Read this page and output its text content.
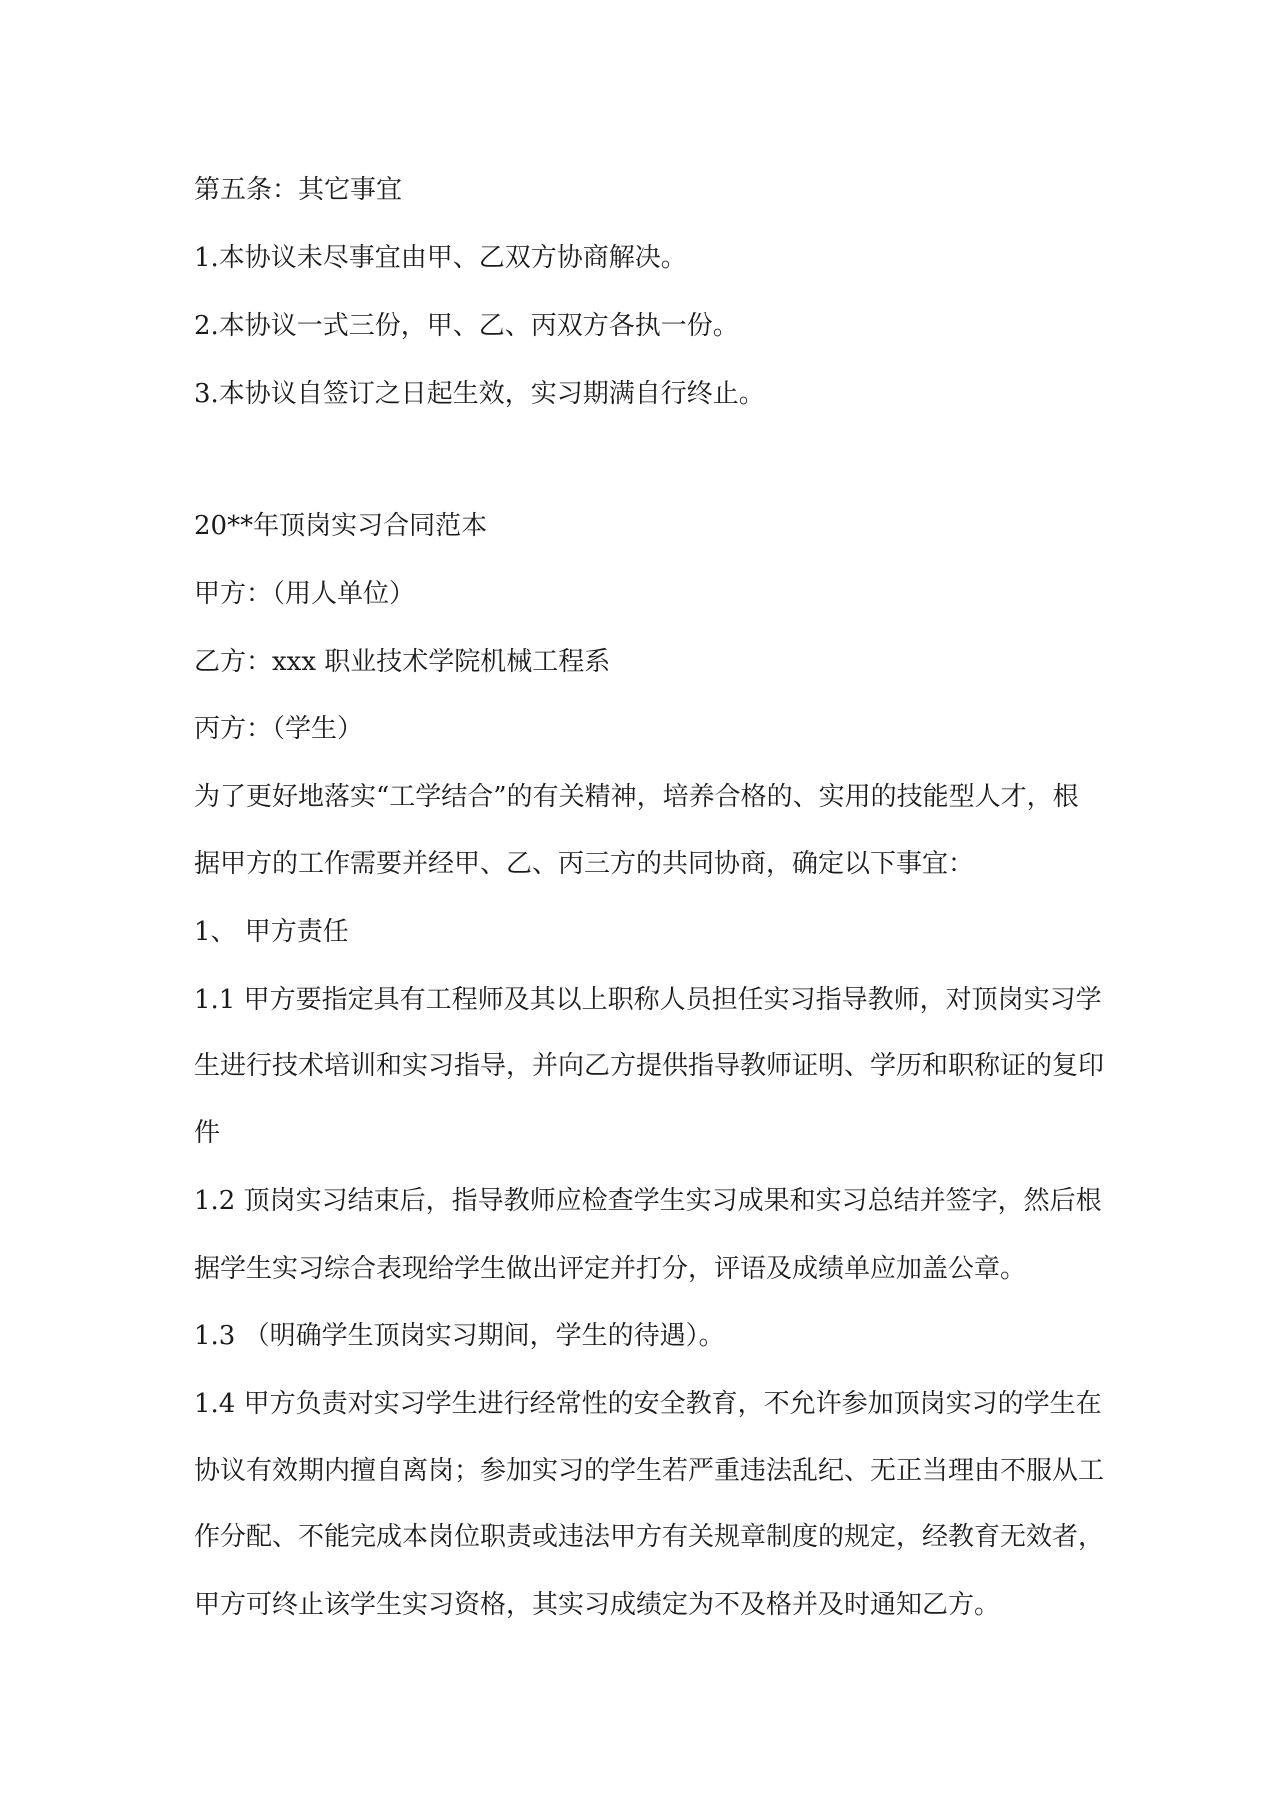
第五条：其它事宜
1.本协议未尽事宜由甲、乙双方协商解决。
2.本协议一式三份，甲、乙、丙双方各执一份。
3.本协议自签订之日起生效，实习期满自行终止。
20**年顶岗实习合同范本
甲方：（用人单位）
乙方：xxx 职业技术学院机械工程系
丙方：（学生）
为了更好地落实“工学结合”的有关精神，培养合格的、实用的技能型人才，根
据甲方的工作需要并经甲、乙、丙三方的共同协商，确定以下事宜：
1、 甲方责任
1.1 甲方要指定具有工程师及其以上职称人员担任实习指导教师，对顶岗实习学
生进行技术培训和实习指导，并向乙方提供指导教师证明、学历和职称证的复印
件
1.2 顶岗实习结束后，指导教师应检查学生实习成果和实习总结并签字，然后根
据学生实习综合表现给学生做出评定并打分，评语及成绩单应加盖公章。
1.3 （明确学生顶岗实习期间，学生的待遇）。
1.4 甲方负责对实习学生进行经常性的安全教育，不允许参加顶岗实习的学生在
协议有效期内擅自离岗；参加实习的学生若严重违法乱纪、无正当理由不服从工
作分配、不能完成本岗位职责或违法甲方有关规章制度的规定，经教育无效者，
甲方可终止该学生实习资格，其实习成绩定为不及格并及时通知乙方。
